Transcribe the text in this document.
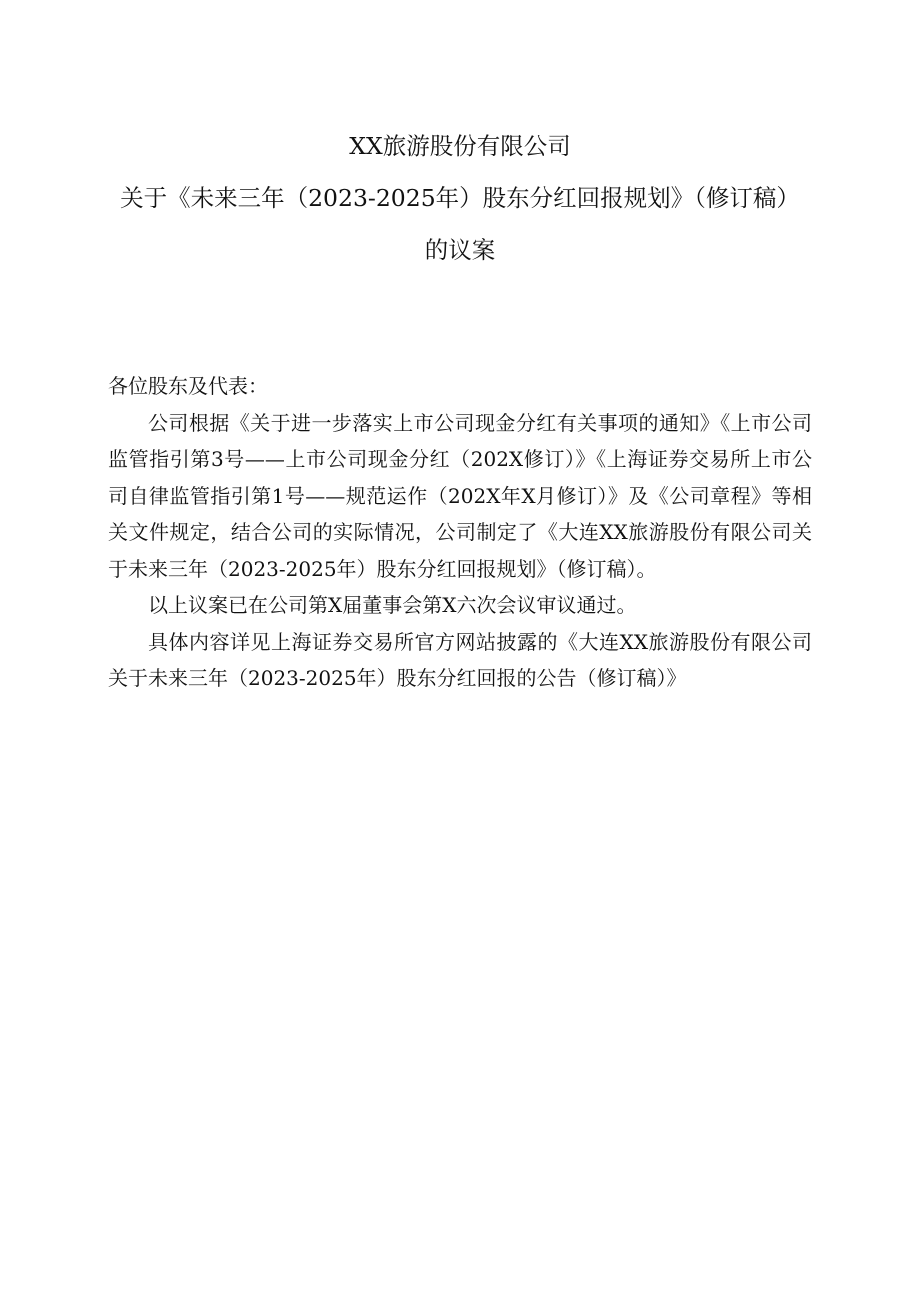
XX旅游股份有限公司
关于《未来三年（2023-2025年）股东分红回报规划》（修订稿）
的议案

各位股东及代表：

公司根据《关于进一步落实上市公司现金分红有关事项的通知》《上市公司监管指引第3号——上市公司现金分红（202X修订）》《上海证券交易所上市公司自律监管指引第1号——规范运作（202X年X月修订）》及《公司章程》等相关文件规定，结合公司的实际情况，公司制定了《大连XX旅游股份有限公司关于未来三年（2023-2025年）股东分红回报规划》（修订稿）。

以上议案已在公司第X届董事会第X六次会议审议通过。

具体内容详见上海证券交易所官方网站披露的《大连XX旅游股份有限公司关于未来三年（2023-2025年）股东分红回报的公告（修订稿）》
